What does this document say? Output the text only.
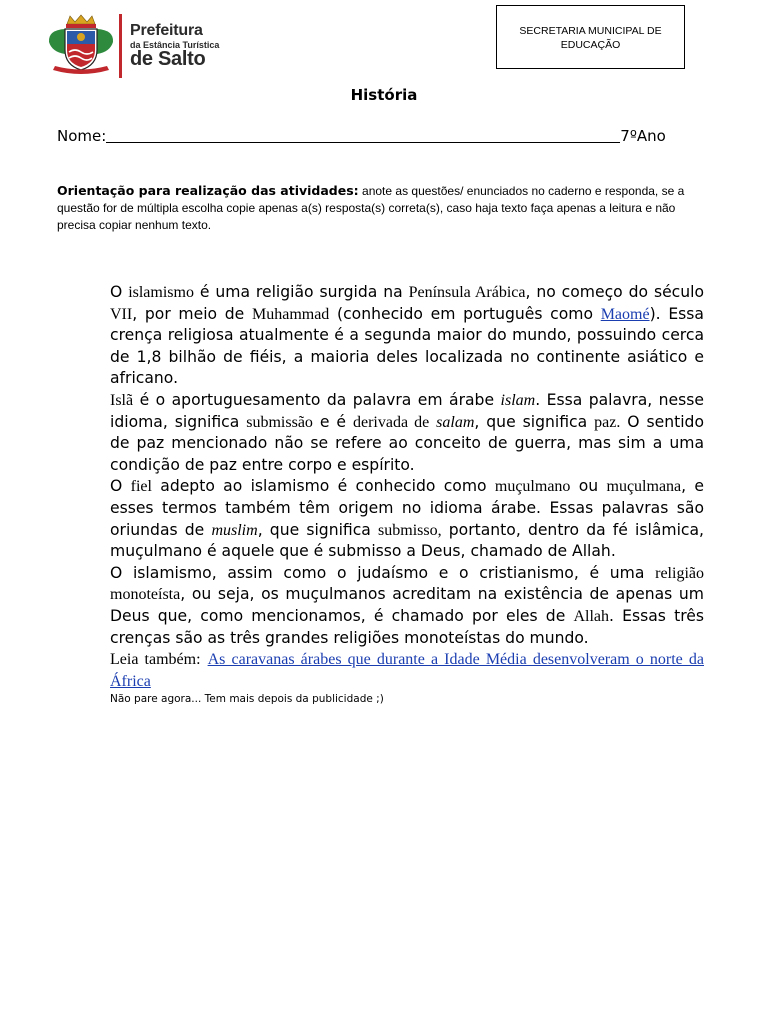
Prefeitura
da Estância Turística
de Salto
SECRETARIA MUNICIPAL DE
EDUCAÇÃO
História
Nome:	7ºAno
Orientação para realização das atividades: anote as questões/ enunciados no caderno e responda, se a questão for de múltipla escolha copie apenas a(s) resposta(s) correta(s), caso haja texto faça apenas a leitura e não precisa copiar nenhum texto.

O islamismo é uma religião surgida na Península Arábica, no começo do século VII, por meio de Muhammad (conhecido em português como Maomé). Essa crença religiosa atualmente é a segunda maior do mundo, possuindo cerca de 1,8 bilhão de fiéis, a maioria deles localizada no continente asiático e africano.

Islã é o aportuguesamento da palavra em árabe islam. Essa palavra, nesse idioma, significa submissão e é derivada de salam, que significa paz. O sentido de paz mencionado não se refere ao conceito de guerra, mas sim a uma condição de paz entre corpo e espírito.

O fiel adepto ao islamismo é conhecido como muçulmano ou muçulmana, e esses termos também têm origem no idioma árabe. Essas palavras são oriundas de muslim, que significa submisso, portanto, dentro da fé islâmica, muçulmano é aquele que é submisso a Deus, chamado de Allah.

O islamismo, assim como o judaísmo e o cristianismo, é uma religião monoteísta, ou seja, os muçulmanos acreditam na existência de apenas um Deus que, como mencionamos, é chamado por eles de Allah. Essas três crenças são as três grandes religiões monoteístas do mundo.

Leia também: As caravanas árabes que durante a Idade Média desenvolveram o norte da África

Não pare agora... Tem mais depois da publicidade ;)
